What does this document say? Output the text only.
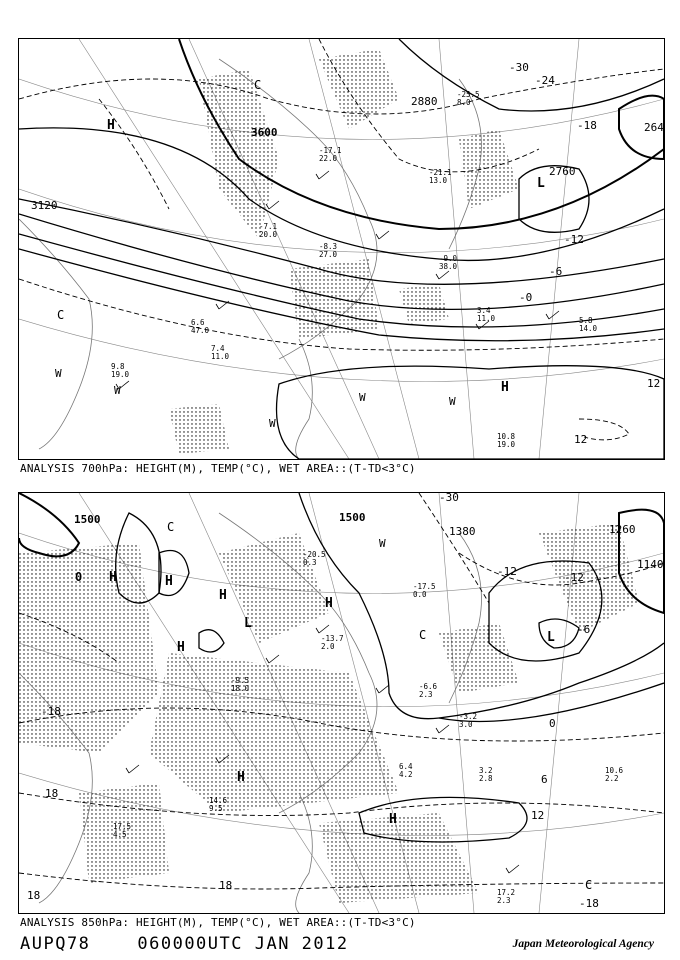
3600
3120
2880
2760
264
-24
-18
-12
-6
-0
12
12
-30
H
H
L
C
C
W
W
W	W
W
-17.1
22.0
-7.1
20.0
-8.3
27.0	-9.0
38.0
3.4
11.0	5.8
14.0
10.8
19.0
6.6
47.0
7.4
11.0
9.8
19.0
-25.5
8.0
-21.1
13.0
ANALYSIS 700hPa: HEIGHT(M), TEMP(°C), WET AREA::(T-TD<3°C)
1500	1500
1380	1260
1140
-12	-12
-6
0
6
12
-18
18
18
18
-18
-30
H	H
H
H
H
H
H
L
L
C
C
C
W
0
-20.5
0.3
-17.5
0.0
-13.7
2.0
-9.5
18.0	-6.6
2.3
-3.2
3.0
3.2
2.8
6.4
4.2	10.6
2.2
14.6
9.5
17.2
2.3
17.5
4.5
ANALYSIS 850hPa: HEIGHT(M), TEMP(°C), WET AREA::(T-TD<3°C)
AUPQ78	060000UTC JAN 2012	Japan Meteorological Agency
